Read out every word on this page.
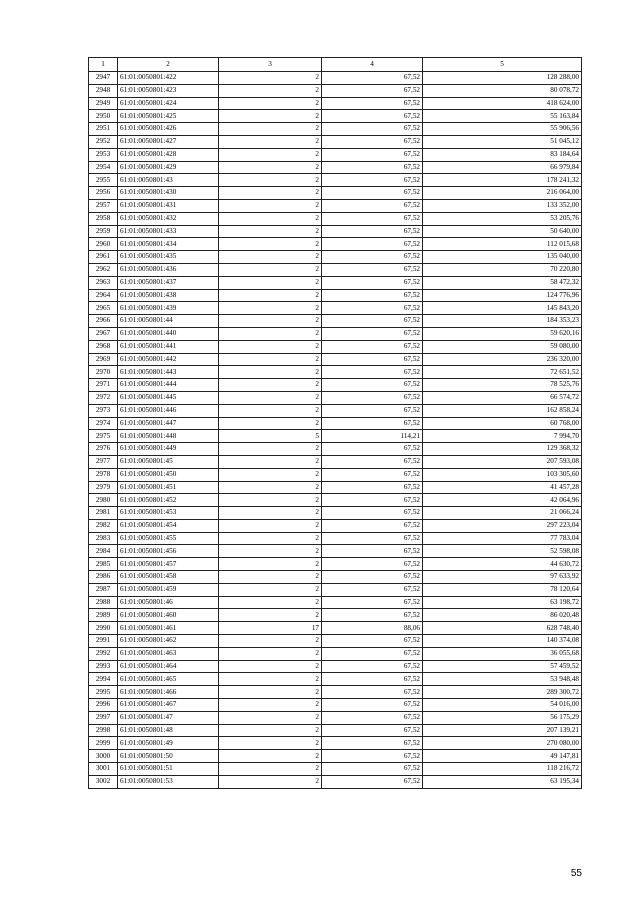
1	2	3	4	5
2947	61:01:0050801:422	2	67,52	128 288,00
2948	61:01:0050801:423	2	67,52	80 078,72
2949	61:01:0050801:424	2	67,52	418 624,00
2950	61:01:0050801:425	2	67,52	55 163,84
2951	61:01:0050801:426	2	67,52	55 906,56
2952	61:01:0050801:427	2	67,52	51 045,12
2953	61:01:0050801:428	2	67,52	83 184,64
2954	61:01:0050801:429	2	67,52	66 979,84
2955	61:01:0050801:43	2	67,52	178 241,32
2956	61:01:0050801:430	2	67,52	216 064,00
2957	61:01:0050801:431	2	67,52	133 352,00
2958	61:01:0050801:432	2	67,52	53 205,76
2959	61:01:0050801:433	2	67,52	50 640,00
2960	61:01:0050801:434	2	67,52	112 015,68
2961	61:01:0050801:435	2	67,52	135 040,00
2962	61:01:0050801:436	2	67,52	70 220,80
2963	61:01:0050801:437	2	67,52	58 472,32
2964	61:01:0050801:438	2	67,52	124 776,96
2965	61:01:0050801:439	2	67,52	145 843,20
2966	61:01:0050801:44	2	67,52	184 353,23
2967	61:01:0050801:440	2	67,52	59 620,16
2968	61:01:0050801:441	2	67,52	59 080,00
2969	61:01:0050801:442	2	67,52	236 320,00
2970	61:01:0050801:443	2	67,52	72 651,52
2971	61:01:0050801:444	2	67,52	78 525,76
2972	61:01:0050801:445	2	67,52	66 574,72
2973	61:01:0050801:446	2	67,52	162 858,24
2974	61:01:0050801:447	2	67,52	60 768,00
2975	61:01:0050801:448	5	114,21	7 994,70
2976	61:01:0050801:449	2	67,52	129 368,32
2977	61:01:0050801:45	2	67,52	207 593,08
2978	61:01:0050801:450	2	67,52	103 305,60
2979	61:01:0050801:451	2	67,52	41 457,28
2980	61:01:0050801:452	2	67,52	42 064,96
2981	61:01:0050801:453	2	67,52	21 066,24
2982	61:01:0050801:454	2	67,52	297 223,04
2983	61:01:0050801:455	2	67,52	77 783,04
2984	61:01:0050801:456	2	67,52	52 598,08
2985	61:01:0050801:457	2	67,52	44 630,72
2986	61:01:0050801:458	2	67,52	97 633,92
2987	61:01:0050801:459	2	67,52	78 120,64
2988	61:01:0050801:46	2	67,52	63 198,72
2989	61:01:0050801:460	2	67,52	86 020,48
2990	61:01:0050801:461	17	88,06	628 748,40
2991	61:01:0050801:462	2	67,52	140 374,08
2992	61:01:0050801:463	2	67,52	36 055,68
2993	61:01:0050801:464	2	67,52	57 459,52
2994	61:01:0050801:465	2	67,52	53 948,48
2995	61:01:0050801:466	2	67,52	289 300,72
2996	61:01:0050801:467	2	67,52	54 016,00
2997	61:01:0050801:47	2	67,52	56 175,29
2998	61:01:0050801:48	2	67,52	207 139,21
2999	61:01:0050801:49	2	67,52	270 080,00
3000	61:01:0050801:50	2	67,52	49 147,81
3001	61:01:0050801:51	2	67,52	118 216,72
3002	61:01:0050801:53	2	67,52	63 195,34
55
